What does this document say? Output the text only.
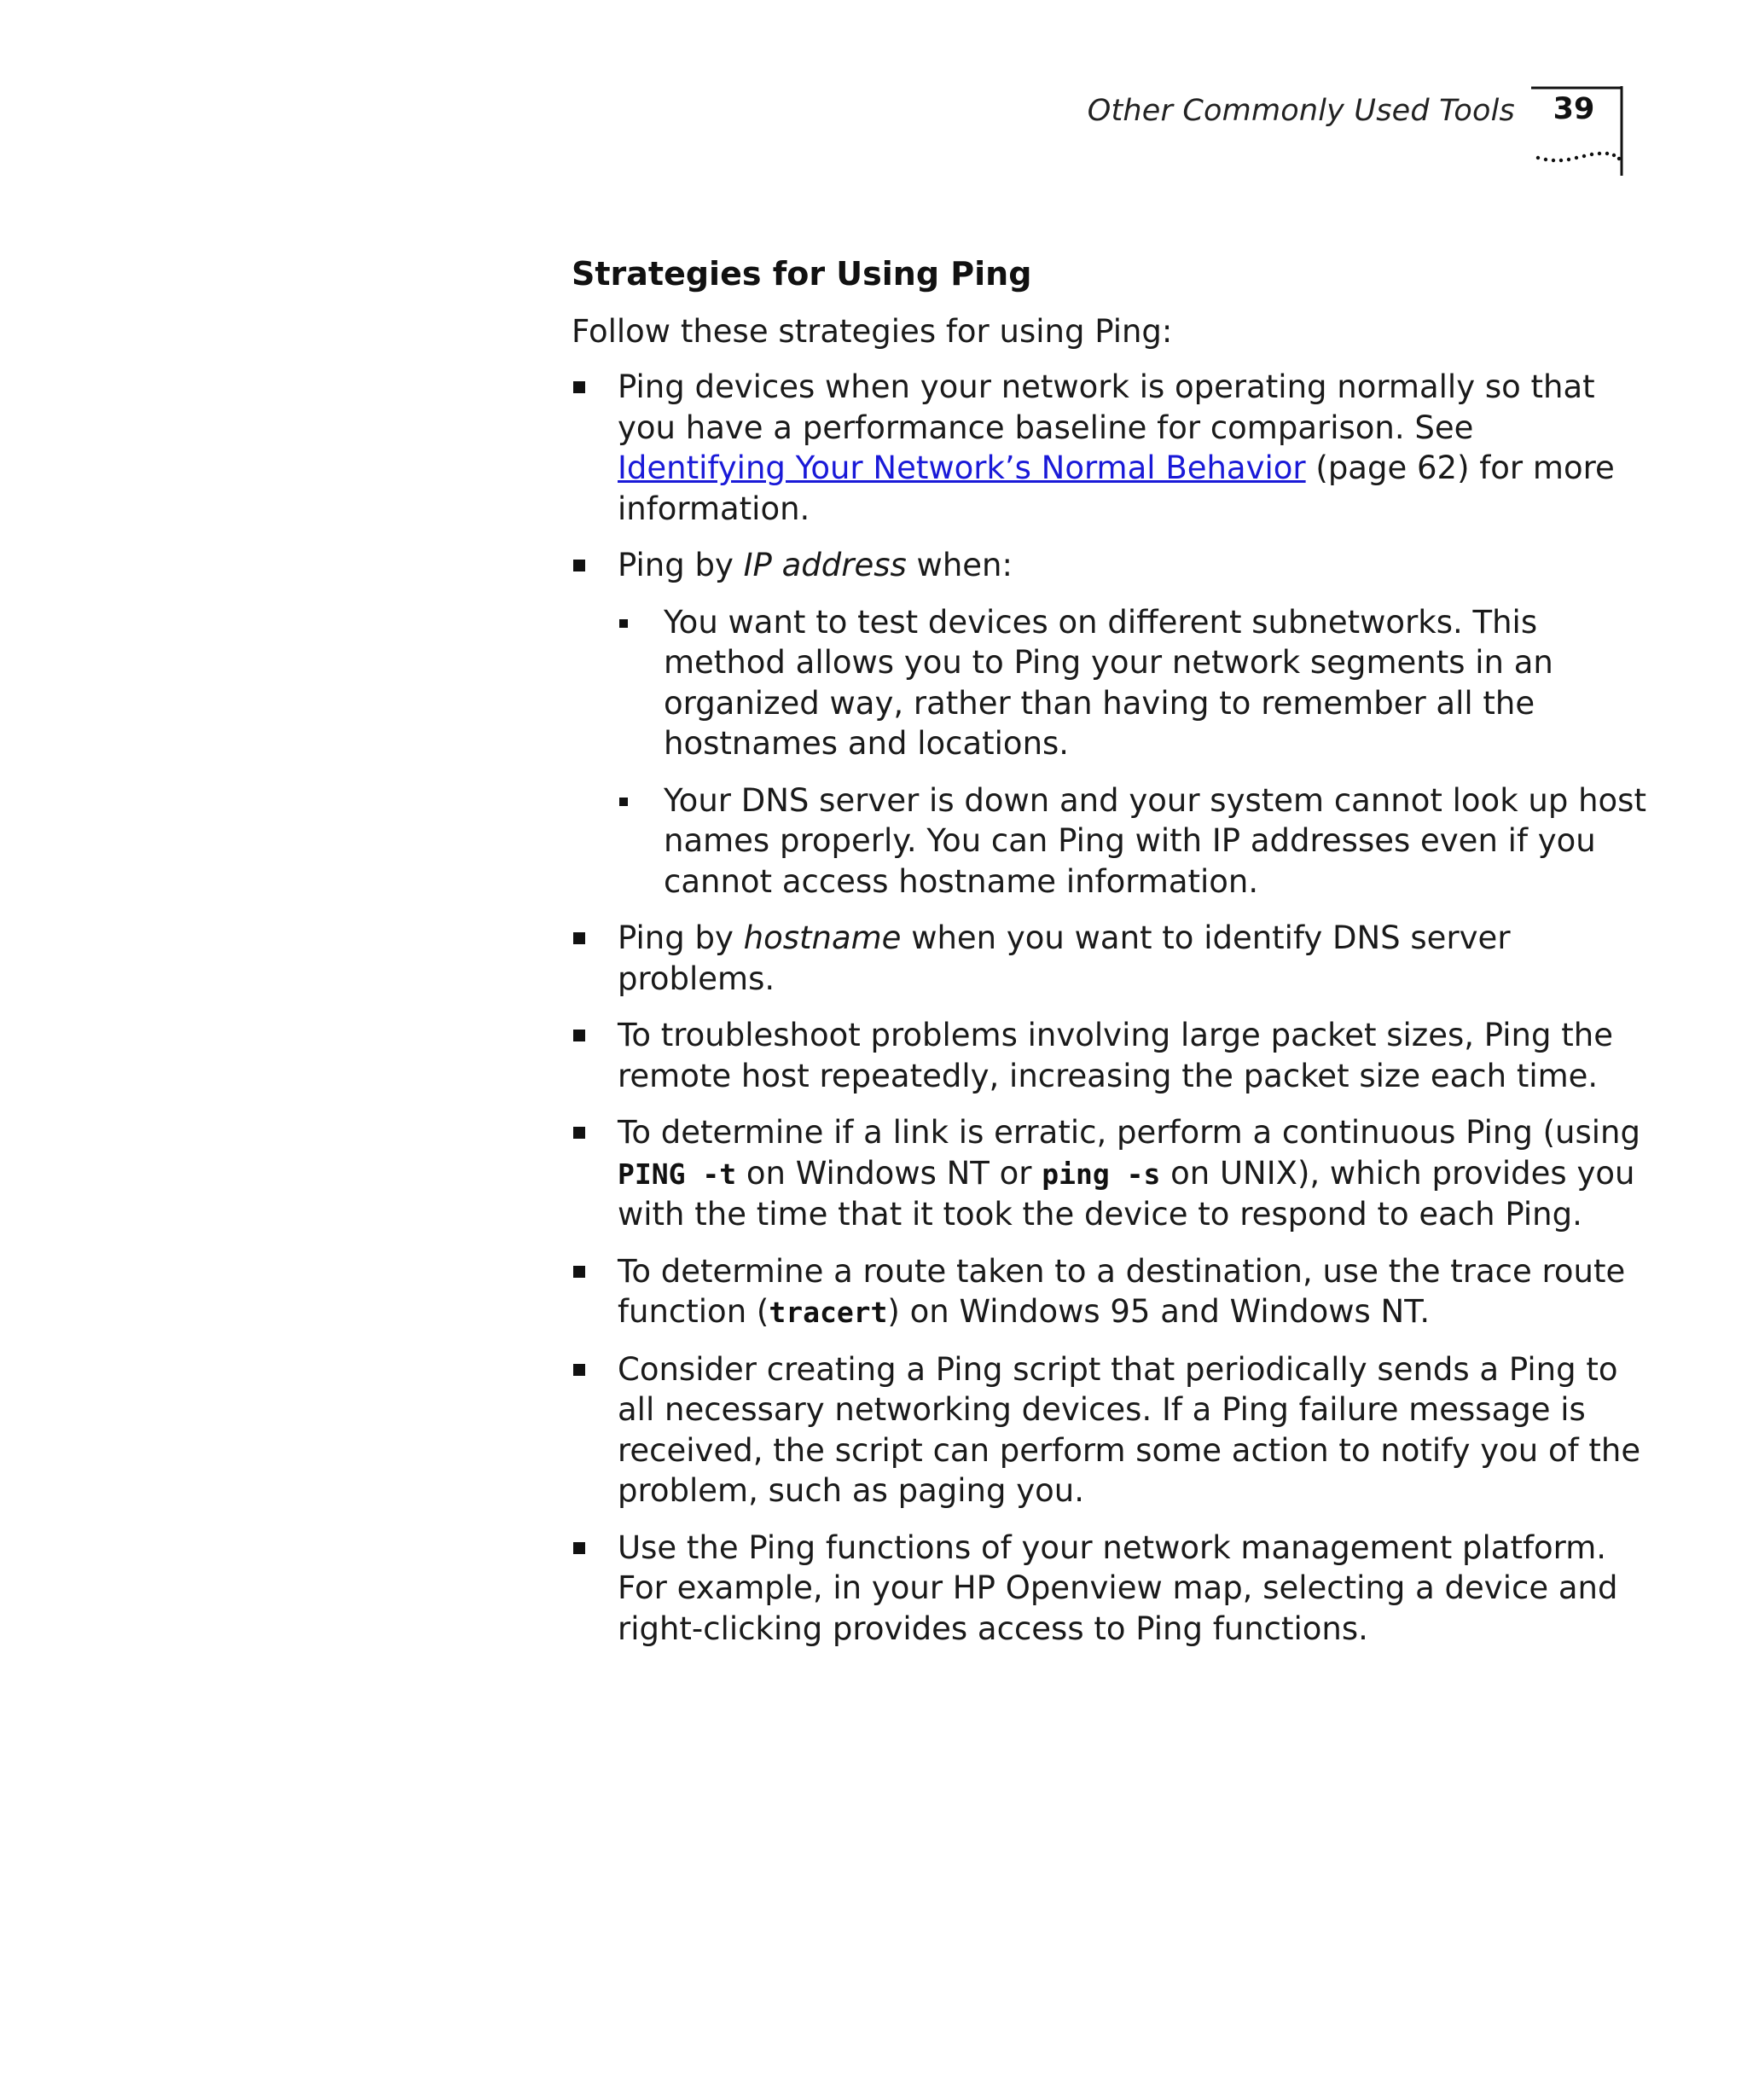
Other Commonly Used Tools 39
Strategies for Using Ping

Follow these strategies for using Ping:

Ping devices when your network is operating normally so that you have a performance baseline for comparison. See Identifying Your Network’s Normal Behavior (page 62) for more information.
Ping by IP address when:
You want to test devices on different subnetworks. This method allows you to Ping your network segments in an organized way, rather than having to remember all the hostnames and locations.
Your DNS server is down and your system cannot look up host names properly. You can Ping with IP addresses even if you cannot access hostname information.
Ping by hostname when you want to identify DNS server problems.
To troubleshoot problems involving large packet sizes, Ping the remote host repeatedly, increasing the packet size each time.
To determine if a link is erratic, perform a continuous Ping (using PING -t on Windows NT or ping -s on UNIX), which provides you with the time that it took the device to respond to each Ping.
To determine a route taken to a destination, use the trace route function (tracert) on Windows 95 and Windows NT.
Consider creating a Ping script that periodically sends a Ping to all necessary networking devices. If a Ping failure message is received, the script can perform some action to notify you of the problem, such as paging you.
Use the Ping functions of your network management platform. For example, in your HP Openview map, selecting a device and right-clicking provides access to Ping functions.
